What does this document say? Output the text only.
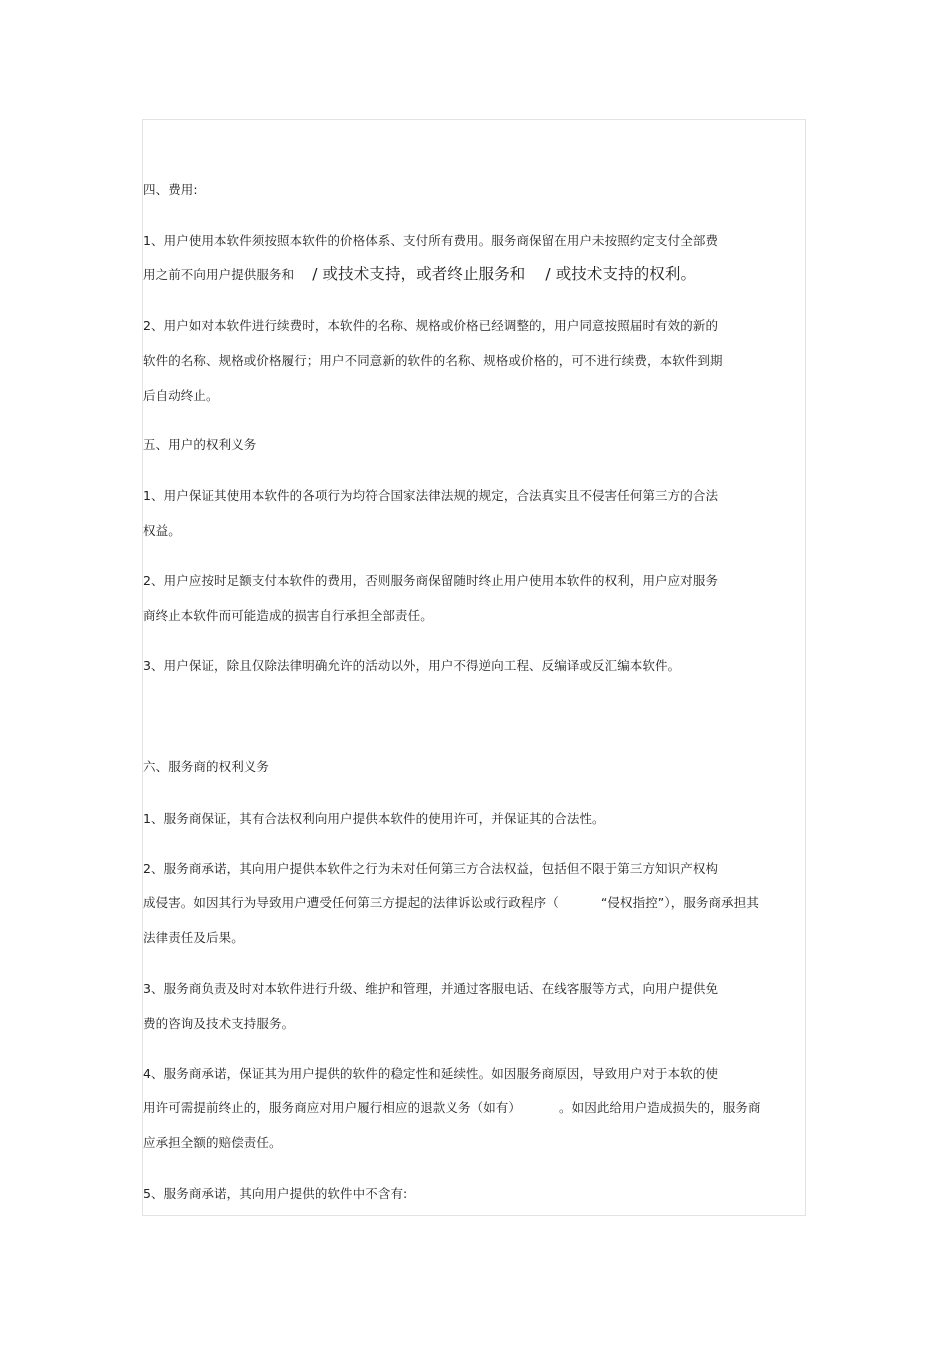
四、费用:
1、用户使用本软件须按照本软件的价格体系、支付所有费用。服务商保留在用户未按照约定支付全部费
用之前不向用户提供服务和 / 或技术支持，或者终止服务和 / 或技术支持的权利。
2、用户如对本软件进行续费时，本软件的名称、规格或价格已经调整的，用户同意按照届时有效的新的
软件的名称、规格或价格履行；用户不同意新的软件的名称、规格或价格的，可不进行续费，本软件到期
后自动终止。
五、用户的权利义务
1、用户保证其使用本软件的各项行为均符合国家法律法规的规定，合法真实且不侵害任何第三方的合法
权益。
2、用户应按时足额支付本软件的费用，否则服务商保留随时终止用户使用本软件的权利，用户应对服务
商终止本软件而可能造成的损害自行承担全部责任。
3、用户保证，除且仅除法律明确允许的活动以外，用户不得逆向工程、反编译或反汇编本软件。
六、服务商的权利义务
1、服务商保证，其有合法权利向用户提供本软件的使用许可，并保证其的合法性。
2、服务商承诺，其向用户提供本软件之行为未对任何第三方合法权益，包括但不限于第三方知识产权构
成侵害。如因其行为导致用户遭受任何第三方提起的法律诉讼或行政程序（	“侵权指控”），服务商承担其
法律责任及后果。
3、服务商负责及时对本软件进行升级、维护和管理，并通过客服电话、在线客服等方式，向用户提供免
费的咨询及技术支持服务。
4、服务商承诺，保证其为用户提供的软件的稳定性和延续性。如因服务商原因，导致用户对于本软的使
用许可需提前终止的，服务商应对用户履行相应的退款义务（如有）	。如因此给用户造成损失的，服务商
应承担全额的赔偿责任。
5、服务商承诺，其向用户提供的软件中不含有:
